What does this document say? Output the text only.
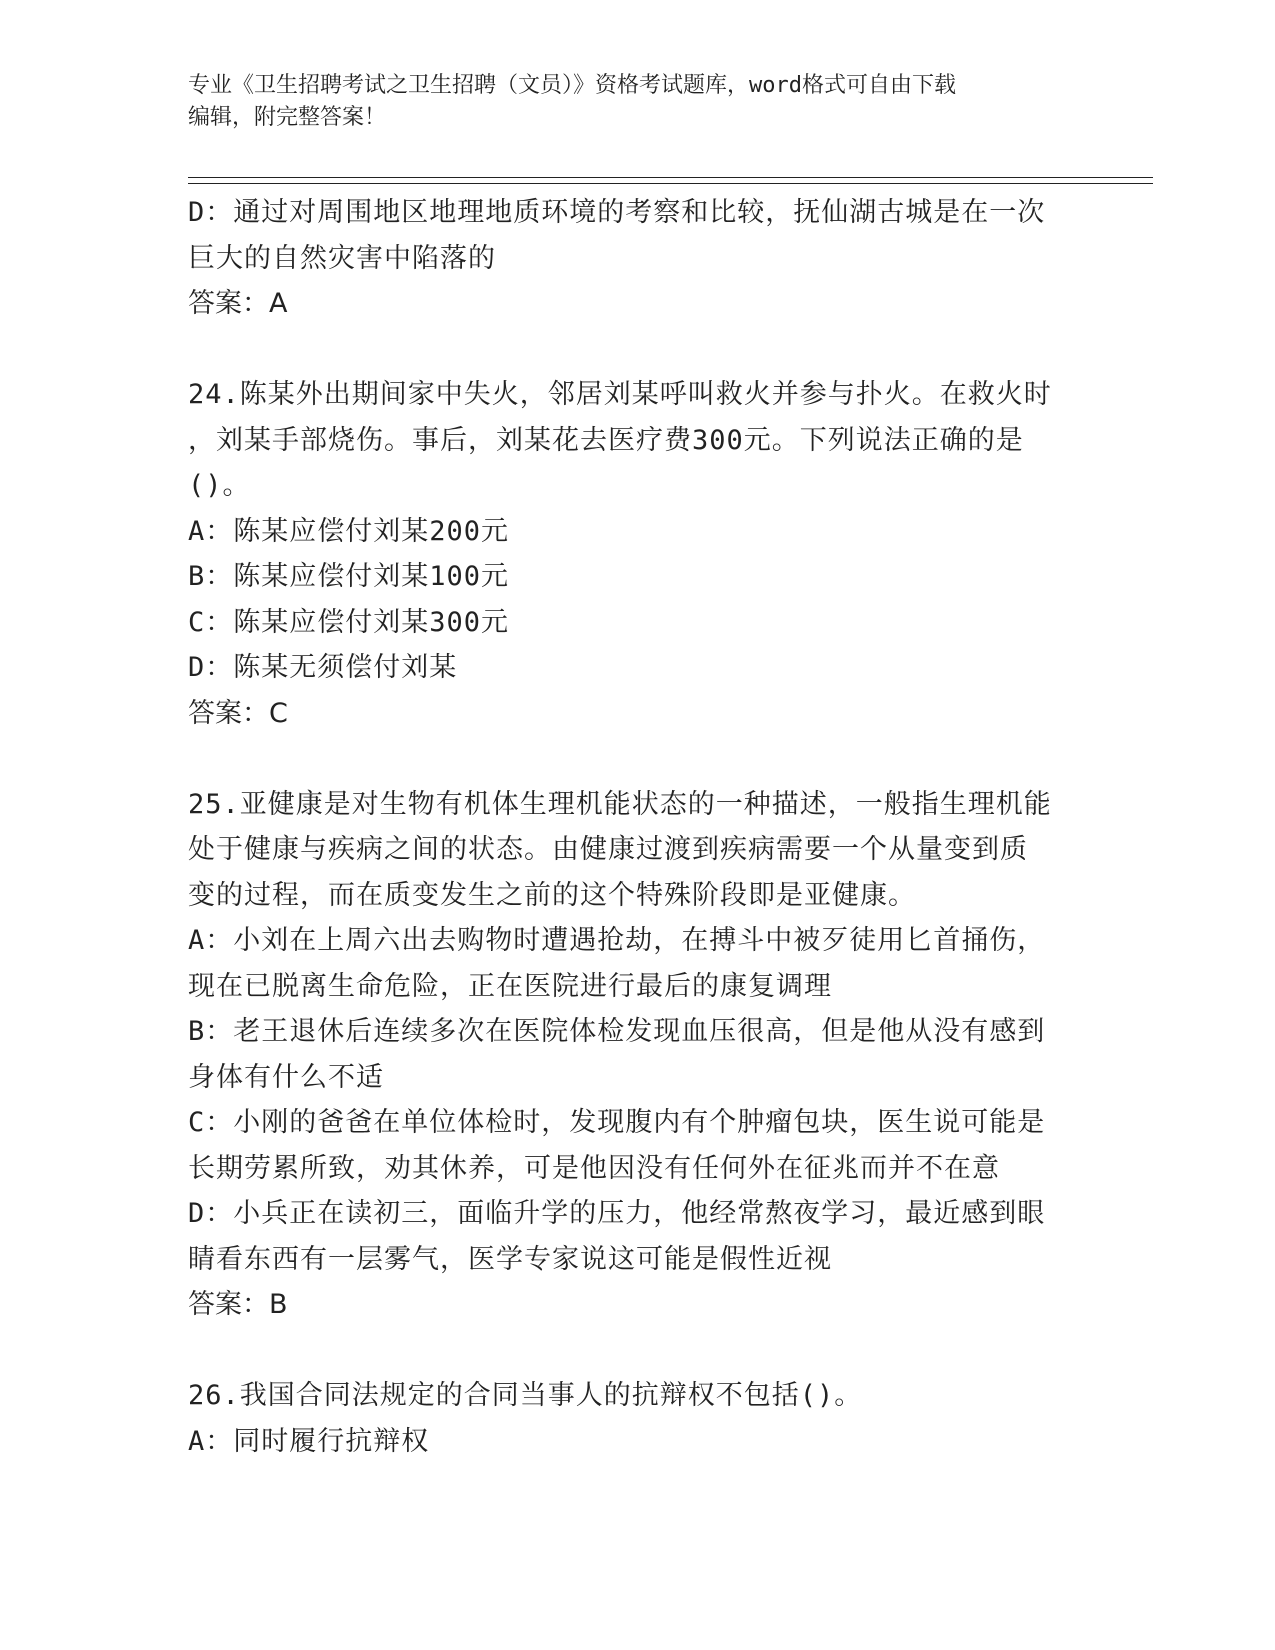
专业《卫生招聘考试之卫生招聘（文员）》资格考试题库，word格式可自由下载
编辑，附完整答案！
D：通过对周围地区地理地质环境的考察和比较，抚仙湖古城是在一次
巨大的自然灾害中陷落的
答案：A
24.陈某外出期间家中失火，邻居刘某呼叫救火并参与扑火。在救火时
，刘某手部烧伤。事后，刘某花去医疗费300元。下列说法正确的是
()。
A：陈某应偿付刘某200元
B：陈某应偿付刘某100元
C：陈某应偿付刘某300元
D：陈某无须偿付刘某
答案：C
25.亚健康是对生物有机体生理机能状态的一种描述，一般指生理机能
处于健康与疾病之间的状态。由健康过渡到疾病需要一个从量变到质
变的过程，而在质变发生之前的这个特殊阶段即是亚健康。
A：小刘在上周六出去购物时遭遇抢劫，在搏斗中被歹徒用匕首捅伤，
现在已脱离生命危险，正在医院进行最后的康复调理
B：老王退休后连续多次在医院体检发现血压很高，但是他从没有感到
身体有什么不适
C：小刚的爸爸在单位体检时，发现腹内有个肿瘤包块，医生说可能是
长期劳累所致，劝其休养，可是他因没有任何外在征兆而并不在意
D：小兵正在读初三，面临升学的压力，他经常熬夜学习，最近感到眼
睛看东西有一层雾气，医学专家说这可能是假性近视
答案：B
26.我国合同法规定的合同当事人的抗辩权不包括()。
A：同时履行抗辩权
